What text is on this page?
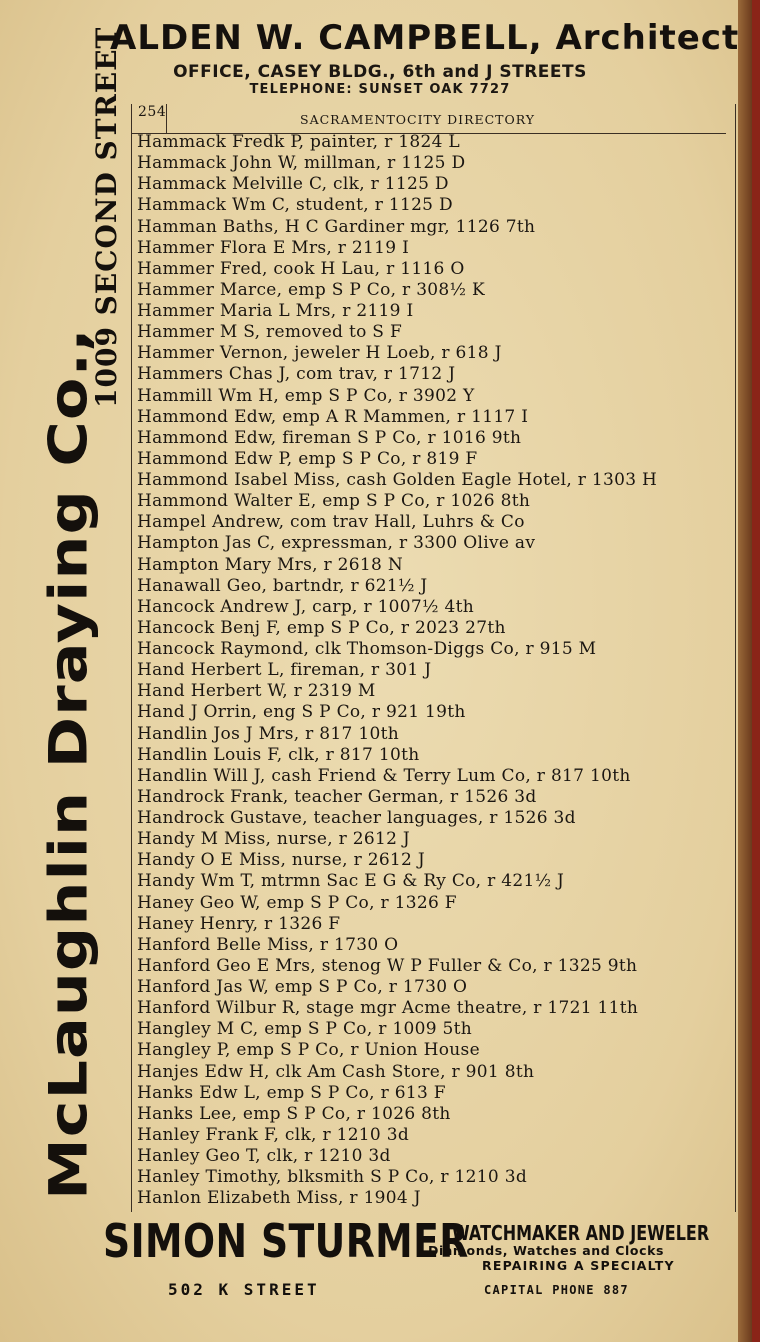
ALDEN W. CAMPBELL, Architect
OFFICE, CASEY BLDG., 6th and J STREETS
TELEPHONE: SUNSET OAK 7727
McLaughlin Draying Co.,
1009 SECOND STREET 254	SACRAMENTOCITY DIRECTORY
Hammack Fredk P, painter, r 1824 L
Hammack John W, millman, r 1125 D
Hammack Melville C, clk, r 1125 D
Hammack Wm C, student, r 1125 D
Hamman Baths, H C Gardiner mgr, 1126 7th
Hammer Flora E Mrs, r 2119 I
Hammer Fred, cook H Lau, r 1116 O
Hammer Marce, emp S P Co, r 308½ K
Hammer Maria L Mrs, r 2119 I
Hammer M S, removed to S F
Hammer Vernon, jeweler H Loeb, r 618 J
Hammers Chas J, com trav, r 1712 J
Hammill Wm H, emp S P Co, r 3902 Y
Hammond Edw, emp A R Mammen, r 1117 I
Hammond Edw, fireman S P Co, r 1016 9th
Hammond Edw P, emp S P Co, r 819 F
Hammond Isabel Miss, cash Golden Eagle Hotel, r 1303 H
Hammond Walter E, emp S P Co, r 1026 8th
Hampel Andrew, com trav Hall, Luhrs & Co
Hampton Jas C, expressman, r 3300 Olive av
Hampton Mary Mrs, r 2618 N
Hanawall Geo, bartndr, r 621½ J
Hancock Andrew J, carp, r 1007½ 4th
Hancock Benj F, emp S P Co, r 2023 27th
Hancock Raymond, clk Thomson-Diggs Co, r 915 M
Hand Herbert L, fireman, r 301 J
Hand Herbert W, r 2319 M
Hand J Orrin, eng S P Co, r 921 19th
Handlin Jos J Mrs, r 817 10th
Handlin Louis F, clk, r 817 10th
Handlin Will J, cash Friend & Terry Lum Co, r 817 10th
Handrock Frank, teacher German, r 1526 3d
Handrock Gustave, teacher languages, r 1526 3d
Handy M Miss, nurse, r 2612 J
Handy O E Miss, nurse, r 2612 J
Handy Wm T, mtrmn Sac E G & Ry Co, r 421½ J
Haney Geo W, emp S P Co, r 1326 F
Haney Henry, r 1326 F
Hanford Belle Miss, r 1730 O
Hanford Geo E Mrs, stenog W P Fuller & Co, r 1325 9th
Hanford Jas W, emp S P Co, r 1730 O
Hanford Wilbur R, stage mgr Acme theatre, r 1721 11th
Hangley M C, emp S P Co, r 1009 5th
Hangley P, emp S P Co, r Union House
Hanjes Edw H, clk Am Cash Store, r 901 8th
Hanks Edw L, emp S P Co, r 613 F
Hanks Lee, emp S P Co, r 1026 8th
Hanley Frank F, clk, r 1210 3d
Hanley Geo T, clk, r 1210 3d
Hanley Timothy, blksmith S P Co, r 1210 3d
Hanlon Elizabeth Miss, r 1904 J
SIMON STURMER
WATCHMAKER AND JEWELER
Diamonds, Watches and Clocks
REPAIRING A SPECIALTY
502 K STREET	CAPITAL PHONE 887
